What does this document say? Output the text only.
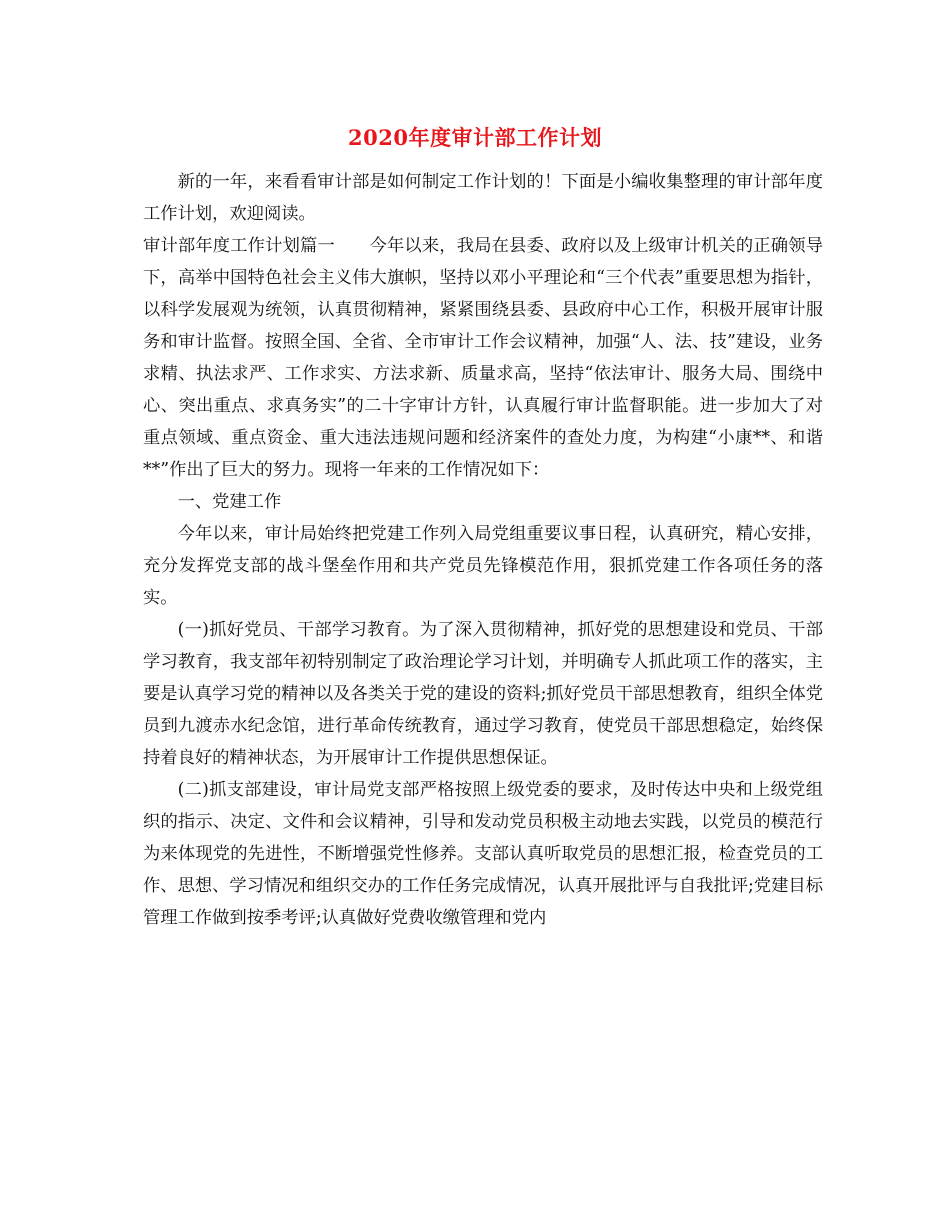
2020年度审计部工作计划

新的一年，来看看审计部是如何制定工作计划的！下面是小编收集整理的审计部年度工作计划，欢迎阅读。

审计部年度工作计划篇一 今年以来，我局在县委、政府以及上级审计机关的正确领导下，高举中国特色社会主义伟大旗帜，坚持以邓小平理论和“三个代表”重要思想为指针，以科学发展观为统领，认真贯彻精神，紧紧围绕县委、县政府中心工作，积极开展审计服务和审计监督。按照全国、全省、全市审计工作会议精神，加强“人、法、技”建设，业务求精、执法求严、工作求实、方法求新、质量求高，坚持“依法审计、服务大局、围绕中心、突出重点、求真务实”的二十字审计方针，认真履行审计监督职能。进一步加大了对重点领域、重点资金、重大违法违规问题和经济案件的查处力度，为构建“小康**、和谐**”作出了巨大的努力。现将一年来的工作情况如下：

一、党建工作

今年以来，审计局始终把党建工作列入局党组重要议事日程，认真研究，精心安排，充分发挥党支部的战斗堡垒作用和共产党员先锋模范作用，狠抓党建工作各项任务的落实。

(一)抓好党员、干部学习教育。为了深入贯彻精神，抓好党的思想建设和党员、干部学习教育，我支部年初特别制定了政治理论学习计划，并明确专人抓此项工作的落实，主要是认真学习党的精神以及各类关于党的建设的资料;抓好党员干部思想教育，组织全体党员到九渡赤水纪念馆，进行革命传统教育，通过学习教育，使党员干部思想稳定，始终保持着良好的精神状态，为开展审计工作提供思想保证。

(二)抓支部建设，审计局党支部严格按照上级党委的要求，及时传达中央和上级党组织的指示、决定、文件和会议精神，引导和发动党员积极主动地去实践，以党员的模范行为来体现党的先进性，不断增强党性修养。支部认真听取党员的思想汇报，检查党员的工作、思想、学习情况和组织交办的工作任务完成情况，认真开展批评与自我批评;党建目标管理工作做到按季考评;认真做好党费收缴管理和党内
